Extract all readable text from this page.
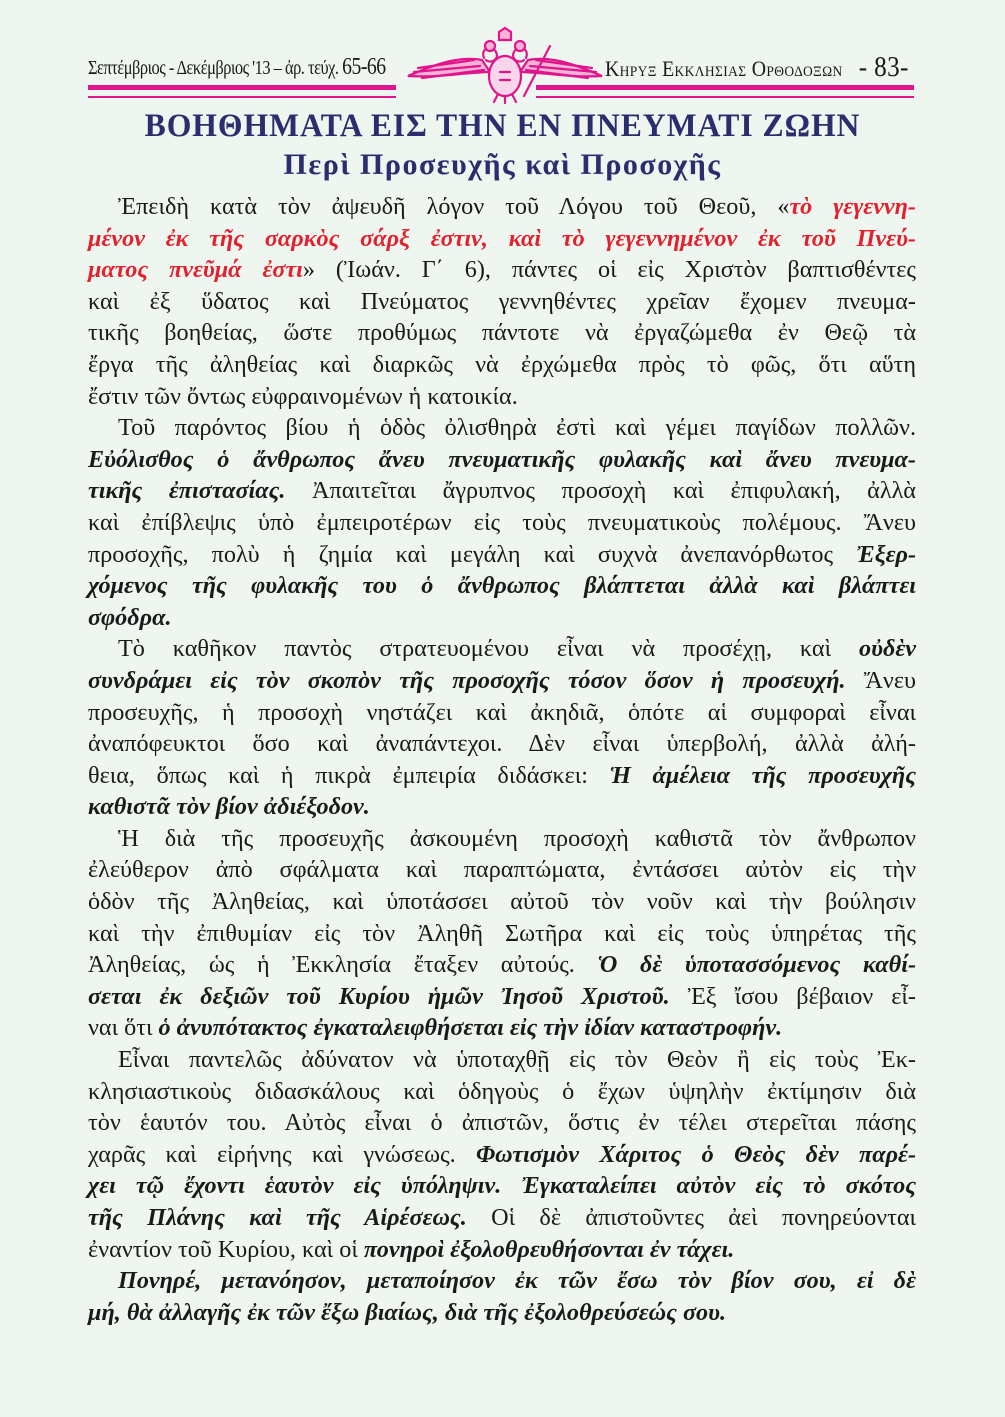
Σεπτέμβριος - Δεκέμβριος '13 – ἀρ. τεύχ. 65-66	Κηρυξ Εκκλησιας Ορθοδοξων - 83-
ΒΟΗΘΗΜΑΤΑ ΕΙΣ ΤΗΝ ΕΝ ΠΝΕΥΜΑΤΙ ΖΩΗΝ
Περὶ Προσευχῆς καὶ Προσοχῆς
Ἐπειδὴ κατὰ τὸν ἀψευδῆ λόγον τοῦ Λόγου τοῦ Θεοῦ, «τὸ γεγεννη-
μένον ἐκ τῆς σαρκὸς σάρξ ἐστιν, καὶ τὸ γεγεννημένον ἐκ τοῦ Πνεύ-
ματος πνεῦμά ἐστι» (Ἰωάν. Γ΄ 6), πάντες οἱ εἰς Χριστὸν βαπτισθέντες
καὶ ἐξ ὕδατος καὶ Πνεύματος γεννηθέντες χρεῖαν ἔχομεν πνευμα-
τικῆς βοηθείας, ὥστε προθύμως πάντοτε νὰ ἐργαζώμεθα ἐν Θεῷ τὰ
ἔργα τῆς ἀληθείας καὶ διαρκῶς νὰ ἐρχώμεθα πρὸς τὸ φῶς, ὅτι αὕτη
ἔστιν τῶν ὄντως εὐφραινομένων ἡ κατοικία.
Τοῦ παρόντος βίου ἡ ὁδὸς ὀλισθηρὰ ἐστὶ καὶ γέμει παγίδων πολλῶν.
Εὐόλισθος ὁ ἄνθρωπος ἄνευ πνευματικῆς φυλακῆς καὶ ἄνευ πνευμα-
τικῆς ἐπιστασίας. Ἀπαιτεῖται ἄγρυπνος προσοχὴ καὶ ἐπιφυλακή, ἀλλὰ
καὶ ἐπίβλεψις ὑπὸ ἐμπειροτέρων εἰς τοὺς πνευματικοὺς πολέμους. Ἄνευ
προσοχῆς, πολὺ ἡ ζημία καὶ μεγάλη καὶ συχνὰ ἀνεπανόρθωτος Ἐξερ-
χόμενος τῆς φυλακῆς του ὁ ἄνθρωπος βλάπτεται ἀλλὰ καὶ βλάπτει
σφόδρα.
Τὸ καθῆκον παντὸς στρατευομένου εἶναι νὰ προσέχῃ, καὶ οὐδὲν
συνδράμει εἰς τὸν σκοπὸν τῆς προσοχῆς τόσον ὅσον ἡ προσευχή. Ἄνευ
προσευχῆς, ἡ προσοχὴ νηστάζει καὶ ἀκηδιᾶ, ὁπότε αἱ συμφοραὶ εἶναι
ἀναπόφευκτοι ὅσο καὶ ἀναπάντεχοι. Δὲν εἶναι ὑπερβολή, ἀλλὰ ἀλή-
θεια, ὅπως καὶ ἡ πικρὰ ἐμπειρία διδάσκει: Ἡ ἀμέλεια τῆς προσευχῆς
καθιστᾶ τὸν βίον ἀδιέξοδον.
Ἡ διὰ τῆς προσευχῆς ἀσκουμένη προσοχὴ καθιστᾶ τὸν ἄνθρωπον
ἐλεύθερον ἀπὸ σφάλματα καὶ παραπτώματα, ἐντάσσει αὐτὸν εἰς τὴν
ὁδὸν τῆς Ἀληθείας, καὶ ὑποτάσσει αὐτοῦ τὸν νοῦν καὶ τὴν βούλησιν
καὶ τὴν ἐπιθυμίαν εἰς τὸν Ἀληθῆ Σωτῆρα καὶ εἰς τοὺς ὑπηρέτας τῆς
Ἀληθείας, ὡς ἡ Ἐκκλησία ἔταξεν αὐτούς. Ὁ δὲ ὑποτασσόμενος καθί-
σεται ἐκ δεξιῶν τοῦ Κυρίου ἡμῶν Ἰησοῦ Χριστοῦ. Ἐξ ἴσου βέβαιον εἶ-
ναι ὅτι ὁ ἀνυπότακτος ἐγκαταλειφθήσεται εἰς τὴν ἰδίαν καταστροφήν.
Εἶναι παντελῶς ἀδύνατον νὰ ὑποταχθῇ εἰς τὸν Θεὸν ἢ εἰς τοὺς Ἐκ-
κλησιαστικοὺς διδασκάλους καὶ ὁδηγοὺς ὁ ἔχων ὑψηλὴν ἐκτίμησιν διὰ
τὸν ἑαυτόν του. Αὐτὸς εἶναι ὁ ἀπιστῶν, ὅστις ἐν τέλει στερεῖται πάσης
χαρᾶς καὶ εἰρήνης καὶ γνώσεως. Φωτισμὸν Χάριτος ὁ Θεὸς δὲν παρέ-
χει τῷ ἔχοντι ἑαυτὸν εἰς ὑπόληψιν. Ἐγκαταλείπει αὐτὸν εἰς τὸ σκότος
τῆς Πλάνης καὶ τῆς Αἱρέσεως. Οἱ δὲ ἀπιστοῦντες ἀεὶ πονηρεύονται
ἐναντίον τοῦ Κυρίου, καὶ οἱ πονηροὶ ἐξολοθρευθήσονται ἐν τάχει.
Πονηρέ, μετανόησον, μεταποίησον ἐκ τῶν ἔσω τὸν βίον σου, εἰ δὲ
μή, θὰ ἀλλαγῆς ἐκ τῶν ἔξω βιαίως, διὰ τῆς ἐξολοθρεύσεώς σου.
